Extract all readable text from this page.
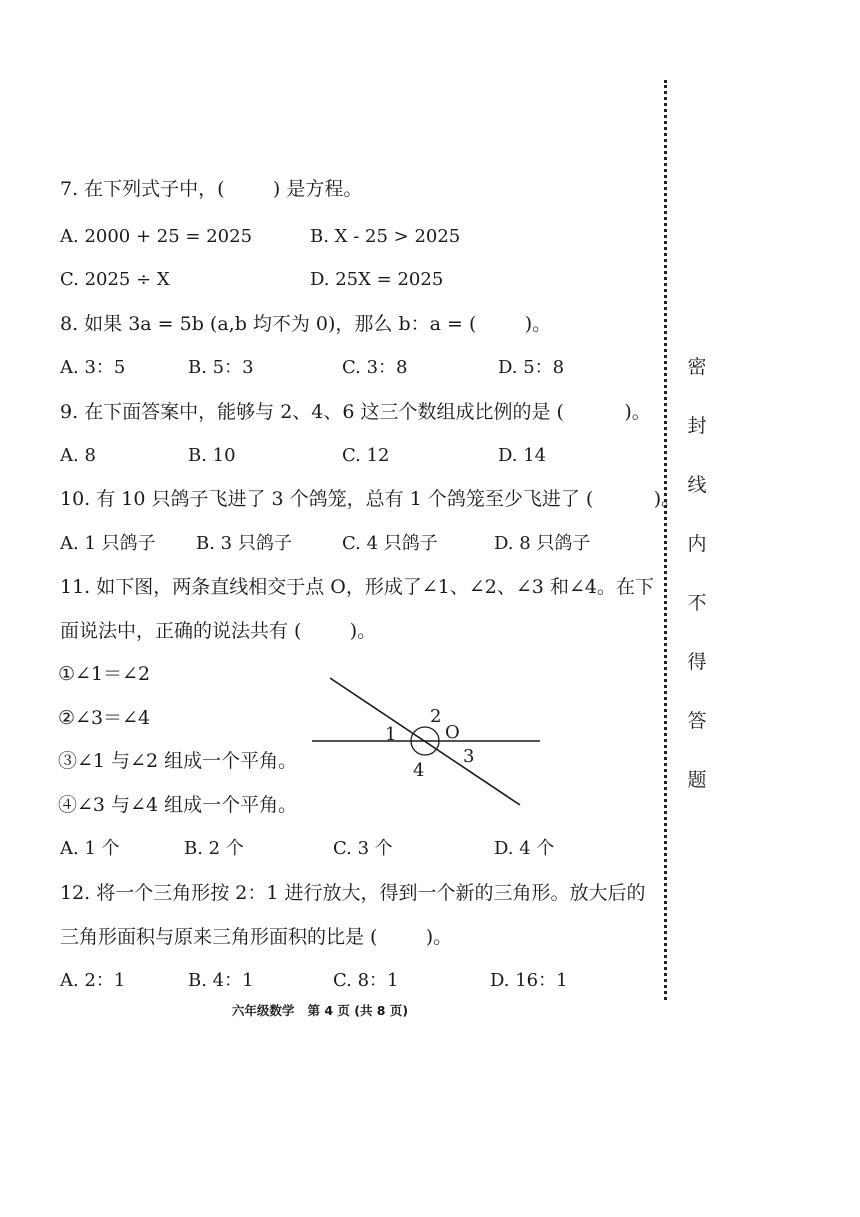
7. 在下列式子中，(        ) 是方程。
A. 2000 + 25 = 2025	B. X - 25 > 2025
C. 2025 ÷ X	D. 25X = 2025
8. 如果 3a = 5b (a,b 均不为 0)，那么 b：a = (        )。
A. 3：5	B. 5：3	C. 3：8	D. 5：8
9. 在下面答案中，能够与 2、4、6 这三个数组成比例的是 (          )。
A. 8	B. 10	C. 12	D. 14
10. 有 10 只鸽子飞进了 3 个鸽笼，总有 1 个鸽笼至少飞进了 (          )。
A. 1 只鸽子 B. 3 只鸽子	C. 4 只鸽子	D. 8 只鸽子
11. 如下图，两条直线相交于点 O，形成了∠1、∠2、∠3 和∠4。在下
面说法中，正确的说法共有 (        )。
①∠1＝∠2
②∠3＝∠4
③∠1 与∠2 组成一个平角。
④∠3 与∠4 组成一个平角。
1
2
O
3
4
A. 1 个	B. 2 个	C. 3 个	D. 4 个
12. 将一个三角形按 2：1 进行放大，得到一个新的三角形。放大后的
三角形面积与原来三角形面积的比是 (        )。
A. 2：1	B. 4：1	C. 8：1	D. 16：1
六年级数学   第 4 页 (共 8 页)
密
封
线
内
不
得
答
题
